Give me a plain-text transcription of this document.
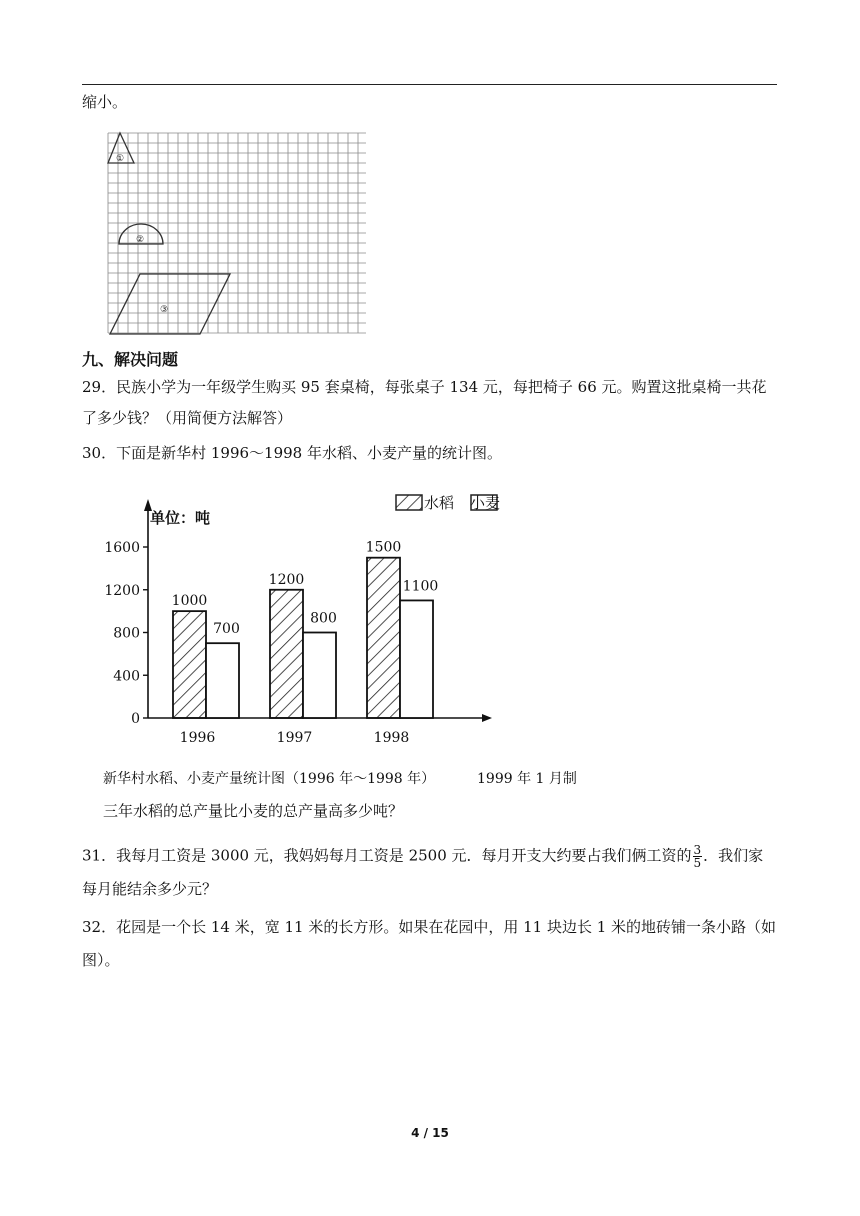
缩小。
①
②
③
九、解决问题
29．民族小学为一年级学生购买 95 套桌椅，每张桌子 134 元，每把椅子 66 元。购置这批桌椅一共花
了多少钱？（用简便方法解答）
30．下面是新华村 1996～1998 年水稻、小麦产量的统计图。
0
400
800
1200
1600
1000
700
1996
1200
800
1997
1500
1100
1998
单位：吨
水稻 小麦
新华村水稻、小麦产量统计图（1996 年～1998 年）	1999 年 1 月制
三年水稻的总产量比小麦的总产量高多少吨？
31．我每月工资是 3000 元，我妈妈每月工资是 2500 元．每月开支大约要占我们俩工资的 $\frac{3}{5}$ ．我们家
每月能结余多少元？
32．花园是一个长 14 米，宽 11 米的长方形。如果在花园中，用 11 块边长 1 米的地砖铺一条小路（如
图）。
4 / 15
